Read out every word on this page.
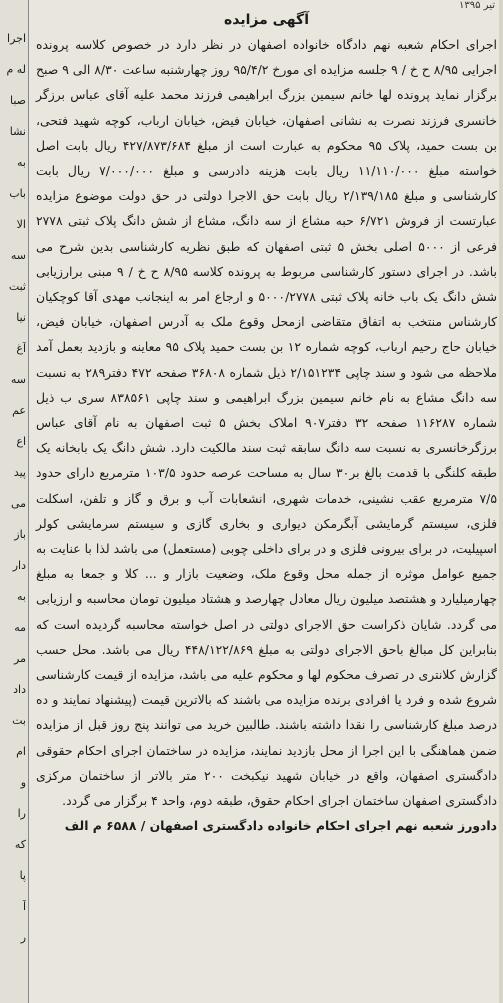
اجرا
له م
صبا
نشا
به
باب
الا
سه
ثبت
نیا
آغ
سه
عم
اع
پید
می
باز
دار
به
مه
مر
داد
بت
ام
و
را
که
پا
آ
ر
تیر ۱۳۹۵
آگهی مزایده

اجرای احکام شعبه نهم دادگاه خانواده اصفهان در نظر دارد در خصوص کلاسه پرونده اجرایی ۸/۹۵ ح خ / ۹ جلسه مزایده ای مورخ ۹۵/۴/۲ روز چهارشنبه ساعت ۸/۳۰ الی ۹ صبح برگزار نماید پرونده لها خانم سیمین بزرگ ابراهیمی فرزند محمد علیه آقای عباس برزگر خانسری فرزند نصرت به نشانی اصفهان، خیابان فیض، خیابان ارباب، کوچه شهید فتحی، بن بست حمید، پلاک ۹۵ محکوم به عبارت است از مبلغ ۴۲۷/۸۷۳/۶۸۴ ریال بابت اصل خواسته مبلغ ۱۱/۱۱۰/۰۰۰ ریال بابت هزینه دادرسی و مبلغ ۷/۰۰۰/۰۰۰ ریال بابت کارشناسی و مبلغ ۲/۱۳۹/۱۸۵ ریال بابت حق الاجرا دولتی در حق دولت موضوع مزایده عبارتست از فروش ۶/۷۲۱ حبه مشاع از سه دانگ، مشاع از شش دانگ پلاک ثبتی ۲۷۷۸ فرعی از ۵۰۰۰ اصلی بخش ۵ ثبتی اصفهان که طبق نظریه کارشناسی بدین شرح می باشد. در اجرای دستور کارشناسی مربوط به پرونده کلاسه ۸/۹۵ ح خ / ۹ مبنی برارزیابی شش دانگ یک باب خانه پلاک ثبتی ۵۰۰۰/۲۷۷۸ و ارجاع امر به اینجانب مهدی آقا کوچکیان کارشناس منتخب به اتفاق متقاضی ازمحل وقوع ملک به آدرس اصفهان، خیابان فیض، خیابان حاج رحیم ارباب، کوچه شماره ۱۲ بن بست حمید پلاک ۹۵ معاینه و بازدید بعمل آمد ملاحظه می شود و سند چاپی ۲/۱۵۱۲۳۴ ذیل شماره ۳۶۸۰۸ صفحه ۴۷۲ دفتر۲۸۹ به نسبت سه دانگ مشاع به نام خانم سیمین بزرگ ابراهیمی و سند چاپی ۸۳۸۵۶۱ سری ب ذیل شماره ۱۱۶۲۸۷ صفحه ۳۲ دفتر۹۰۷ املاک بخش ۵ ثبت اصفهان به نام آقای عباس برزگرخانسری به نسبت سه دانگ سابقه ثبت سند مالکیت دارد. شش دانگ یک بابخانه یک طبقه کلنگی با قدمت بالغ بر۳۰ سال به مساحت عرصه حدود ۱۰۳/۵ مترمربع دارای حدود ۷/۵ مترمربع عقب نشینی، خدمات شهری، انشعابات آب و برق و گاز و تلفن، اسکلت فلزی، سیستم گرمایشی آبگرمکن دیواری و بخاری گازی و سیستم سرمایشی کولر اسپیلیت، در برای بیرونی فلزی و در برای داخلی چوبی (مستعمل) می باشد لذا با عنایت به جمیع عوامل موثره از جمله محل وقوع ملک، وضعیت بازار و ... کلا و جمعا به مبلغ چهارمیلیارد و هشتصد میلیون ریال معادل چهارصد و هشتاد میلیون تومان محاسبه و ارزیابی می گردد. شایان ذکراست حق الاجرای دولتی در اصل خواسته محاسبه گردیده است که بنابراین کل مبالغ باحق الاجرای دولتی به مبلغ ۴۴۸/۱۲۲/۸۶۹ ریال می باشد. محل حسب گزارش کلانتری در تصرف محکوم لها و محکوم علیه می باشد، مزایده از قیمت کارشناسی شروع شده و فرد یا افرادی برنده مزایده می باشند که بالاترین قیمت (پیشنهاد نمایند و ده درصد مبلغ کارشناسی را نقدا داشته باشند. طالبین خرید می توانند پنج روز قبل از مزایده ضمن هماهنگی با این اجرا از محل بازدید نمایند، مزایده در ساختمان اجرای احکام حقوقی دادگستری اصفهان، واقع در خیابان شهید نیکبخت ۲۰۰ متر بالاتر از ساختمان مرکزی دادگستری اصفهان ساختمان اجرای احکام حقوق، طبقه دوم، واحد ۴ برگزار می گردد.

دادورز شعبه نهم اجرای احکام خانواده دادگستری اصفهان / ۶۵۸۸ م الف
